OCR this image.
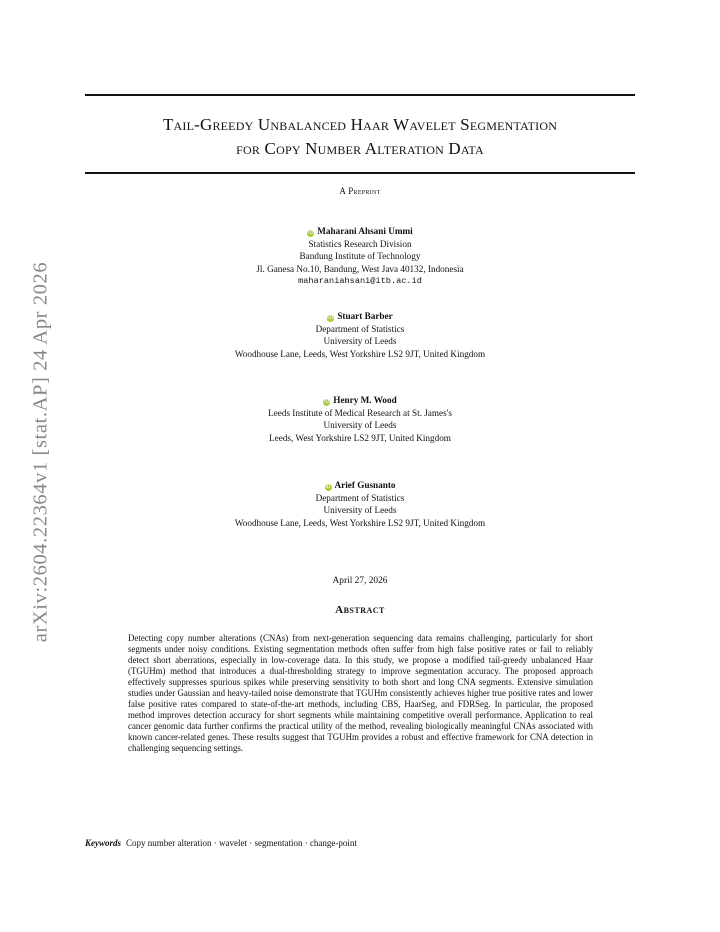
Tail-Greedy Unbalanced Haar Wavelet Segmentation
for Copy Number Alteration Data
A Preprint
iD Maharani Ahsani Ummi
Statistics Research Division
Bandung Institute of Technology
Jl. Ganesa No.10, Bandung, West Java 40132, Indonesia
maharaniahsani@itb.ac.id
iD Stuart Barber
Department of Statistics
University of Leeds
Woodhouse Lane, Leeds, West Yorkshire LS2 9JT, United Kingdom
iD Henry M. Wood
Leeds Institute of Medical Research at St. James's
University of Leeds
Leeds, West Yorkshire LS2 9JT, United Kingdom
iD Arief Gusnanto
Department of Statistics
University of Leeds
Woodhouse Lane, Leeds, West Yorkshire LS2 9JT, United Kingdom
April 27, 2026
Abstract
Detecting copy number alterations (CNAs) from next-generation sequencing data remains challenging, particularly for short segments under noisy conditions. Existing segmentation methods often suffer from high false positive rates or fail to reliably detect short aberrations, especially in low-coverage data. In this study, we propose a modified tail-greedy unbalanced Haar (TGUHm) method that introduces a dual-thresholding strategy to improve segmentation accuracy. The proposed approach effectively suppresses spurious spikes while preserving sensitivity to both short and long CNA segments. Extensive simulation studies under Gaussian and heavy-tailed noise demonstrate that TGUHm consistently achieves higher true positive rates and lower false positive rates compared to state-of-the-art methods, including CBS, HaarSeg, and FDRSeg. In particular, the proposed method improves detection accuracy for short segments while maintaining competitive overall performance. Application to real cancer genomic data further confirms the practical utility of the method, revealing biologically meaningful CNAs associated with known cancer-related genes. These results suggest that TGUHm provides a robust and effective framework for CNA detection in challenging sequencing settings.
Keywords Copy number alteration · wavelet · segmentation · change-point
arXiv:2604.22364v1 [stat.AP] 24 Apr 2026
